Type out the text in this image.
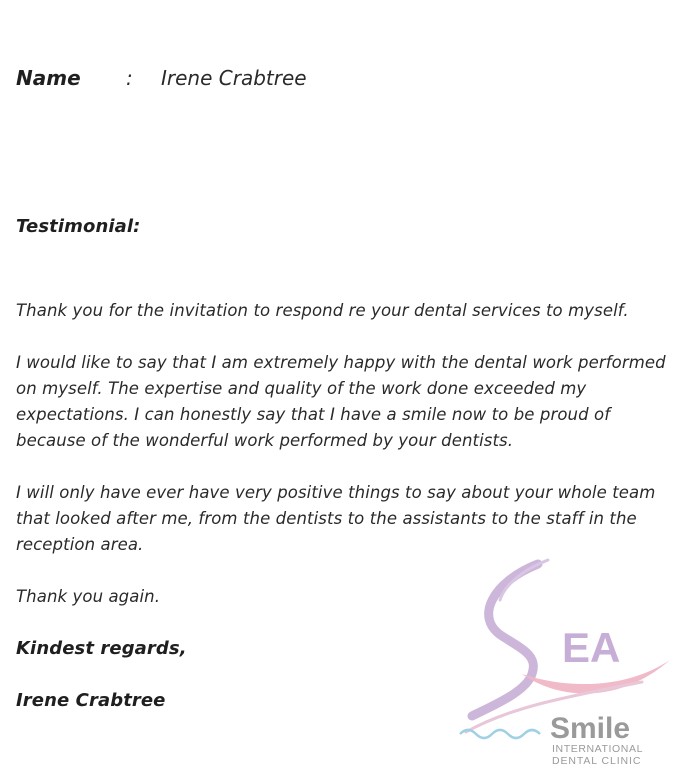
Name : Irene Crabtree
Testimonial:

Thank you for the invitation to respond re your dental services to myself.

I would like to say that I am extremely happy with the dental work performed on myself. The expertise and quality of the work done exceeded my expectations. I can honestly say that I have a smile now to be proud of because of the wonderful work performed by your dentists.

I will only have ever have very positive things to say about your whole team that looked after me, from the dentists to the assistants to the staff in the reception area.

Thank you again.

Kindest regards,
Irene Crabtree
EA
Smile
INTERNATIONAL
DENTAL CLINIC
